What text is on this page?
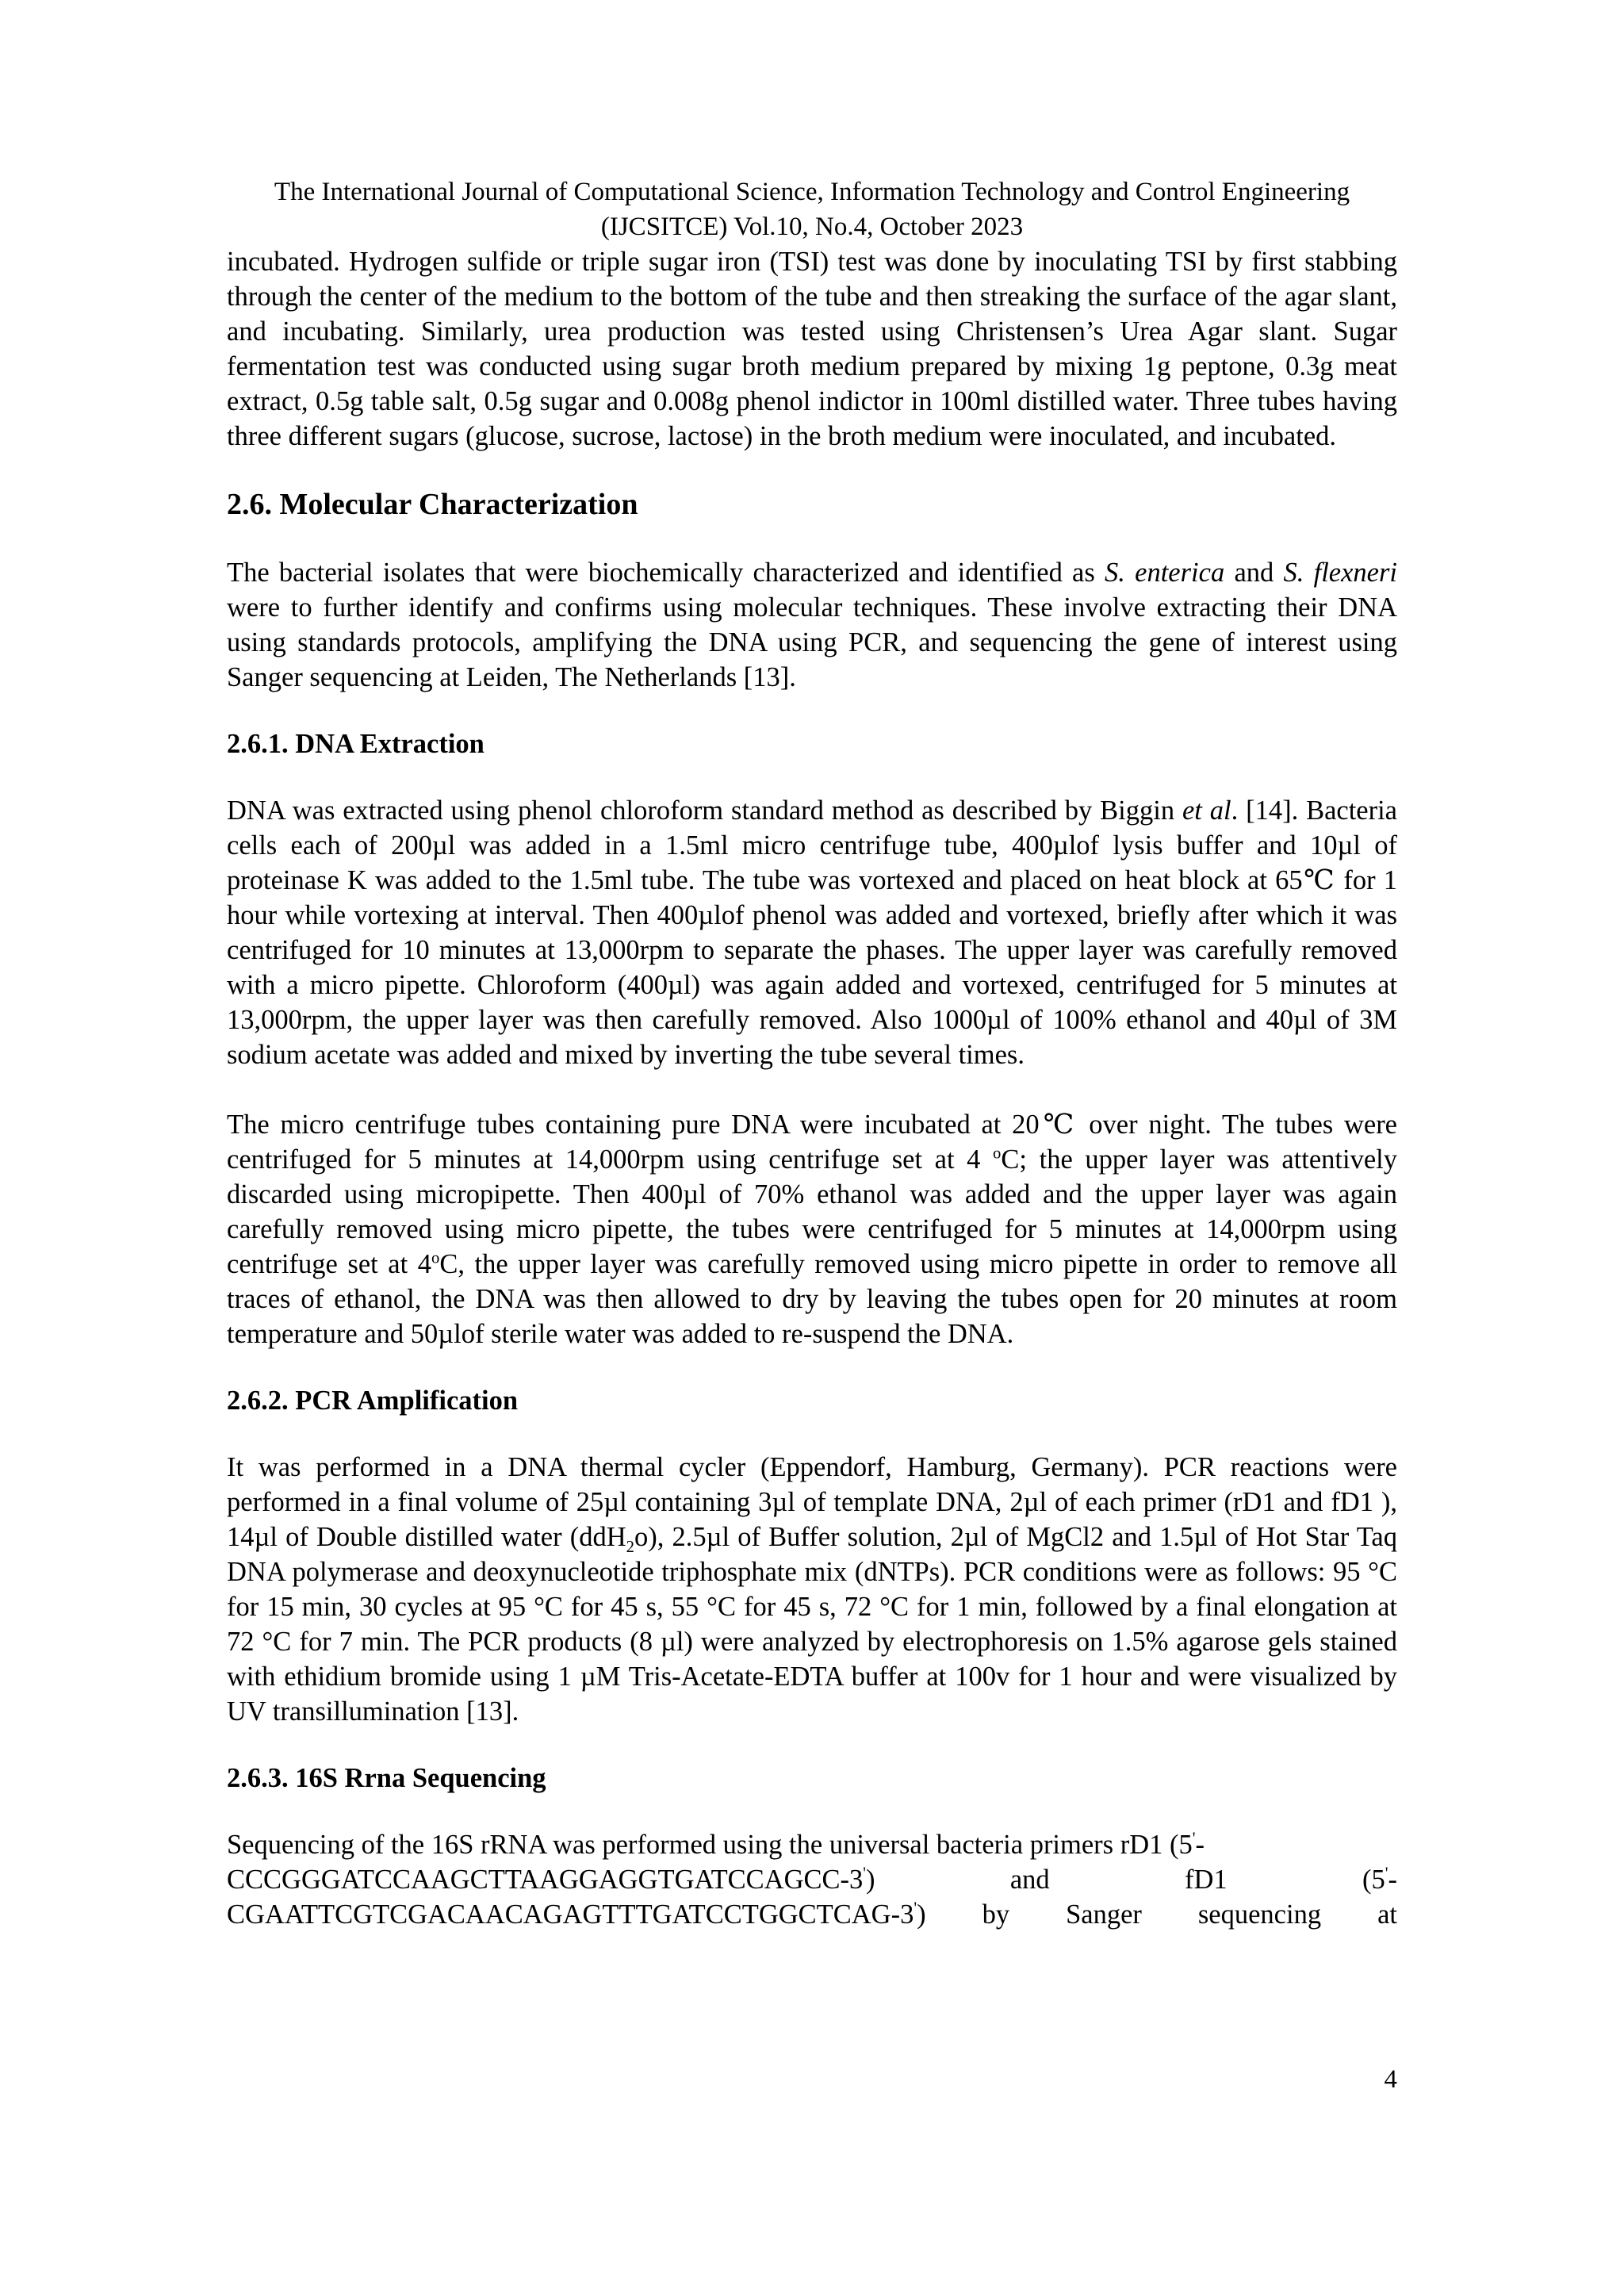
The International Journal of Computational Science, Information Technology and Control Engineering
(IJCSITCE) Vol.10, No.4, October 2023

incubated. Hydrogen sulfide or triple sugar iron (TSI) test was done by inoculating TSI by first stabbing through the center of the medium to the bottom of the tube and then streaking the surface of the agar slant, and incubating. Similarly, urea production was tested using Christensen’s Urea Agar slant. Sugar fermentation test was conducted using sugar broth medium prepared by mixing 1g peptone, 0.3g meat extract, 0.5g table salt, 0.5g sugar and 0.008g phenol indictor in 100ml distilled water. Three tubes having three different sugars (glucose, sucrose, lactose) in the broth medium were inoculated, and incubated.

2.6. Molecular Characterization

The bacterial isolates that were biochemically characterized and identified as S. enterica and S. flexneri were to further identify and confirms using molecular techniques. These involve extracting their DNA using standards protocols, amplifying the DNA using PCR, and sequencing the gene of interest using Sanger sequencing at Leiden, The Netherlands [13].

2.6.1. DNA Extraction

DNA was extracted using phenol chloroform standard method as described by Biggin et al. [14]. Bacteria cells each of 200µl was added in a 1.5ml micro centrifuge tube, 400µlof lysis buffer and 10µl of proteinase K was added to the 1.5ml tube. The tube was vortexed and placed on heat block at 65℃ for 1 hour while vortexing at interval. Then 400µlof phenol was added and vortexed, briefly after which it was centrifuged for 10 minutes at 13,000rpm to separate the phases. The upper layer was carefully removed with a micro pipette. Chloroform (400µl) was again added and vortexed, centrifuged for 5 minutes at 13,000rpm, the upper layer was then carefully removed. Also 1000µl of 100% ethanol and 40µl of 3M sodium acetate was added and mixed by inverting the tube several times.

The micro centrifuge tubes containing pure DNA were incubated at 20℃ over night. The tubes were centrifuged for 5 minutes at 14,000rpm using centrifuge set at 4 $^o$C; the upper layer was attentively discarded using micropipette. Then 400µl of 70% ethanol was added and the upper layer was again carefully removed using micro pipette, the tubes were centrifuged for 5 minutes at 14,000rpm using centrifuge set at 4$^o$C, the upper layer was carefully removed using micro pipette in order to remove all traces of ethanol, the DNA was then allowed to dry by leaving the tubes open for 20 minutes at room temperature and 50µlof sterile water was added to re-suspend the DNA.

2.6.2. PCR Amplification

It was performed in a DNA thermal cycler (Eppendorf, Hamburg, Germany). PCR reactions were performed in a final volume of 25µl containing 3µl of template DNA, 2µl of each primer (rD1 and fD1 ), 14µl of Double distilled water (ddH$_2$o), 2.5µl of Buffer solution, 2µl of MgCl2 and 1.5µl of Hot Star Taq DNA polymerase and deoxynucleotide triphosphate mix (dNTPs). PCR conditions were as follows: 95 °C for 15 min, 30 cycles at 95 °C for 45 s, 55 °C for 45 s, 72 °C for 1 min, followed by a final elongation at 72 °C for 7 min. The PCR products (8 µl) were analyzed by electrophoresis on 1.5% agarose gels stained with ethidium bromide using 1 µM Tris-Acetate-EDTA buffer at 100v for 1 hour and were visualized by UV transillumination [13].

2.6.3. 16S Rrna Sequencing

Sequencing of the 16S rRNA was performed using the universal bacteria primers rD1 (5'-

CCCGGGATCCAAGCTTAAGGAGGTGATCCAGCC-3')	and	fD1	(5'-
CGAATTCGTCGACAACAGAGTTTGATCCTGGCTCAG-3') by Sanger sequencing at
4
